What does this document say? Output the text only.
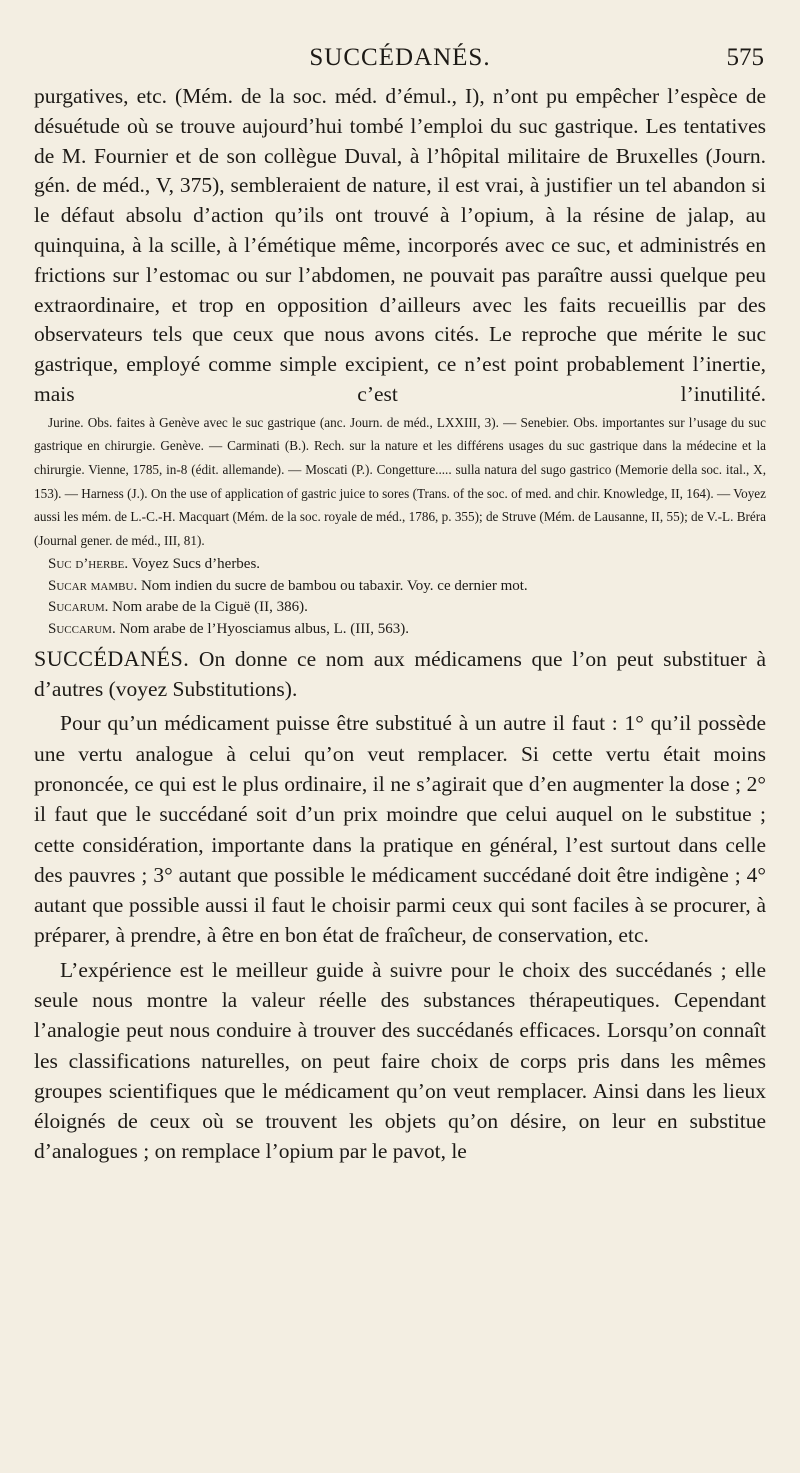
SUCCÉDANÉS.	575

purgatives, etc. (Mém. de la soc. méd. d’émul., I), n’ont pu empêcher l’espèce de désuétude où se trouve aujourd’hui tombé l’emploi du suc gastrique. Les tentatives de M. Fournier et de son collègue Duval, à l’hôpital militaire de Bruxelles (Journ. gén. de méd., V, 375), sembleraient de nature, il est vrai, à justifier un tel abandon si le défaut absolu d’action qu’ils ont trouvé à l’opium, à la résine de jalap, au quinquina, à la scille, à l’émétique même, incorporés avec ce suc, et administrés en frictions sur l’estomac ou sur l’abdomen, ne pouvait pas paraître aussi quelque peu extraordinaire, et trop en opposition d’ailleurs avec les faits recueillis par des observateurs tels que ceux que nous avons cités. Le reproche que mérite le suc gastrique, employé comme simple excipient, ce n’est point probablement l’inertie, mais c’est l’inutilité.

Jurine. Obs. faites à Genève avec le suc gastrique (anc. Journ. de méd., LXXIII, 3). — Senebier. Obs. importantes sur l’usage du suc gastrique en chirurgie. Genève. — Carminati (B.). Rech. sur la nature et les différens usages du suc gastrique dans la médecine et la chirurgie. Vienne, 1785, in-8 (édit. allemande). — Moscati (P.). Congetture..... sulla natura del sugo gastrico (Memorie della soc. ital., X, 153). — Harness (J.). On the use of application of gastric juice to sores (Trans. of the soc. of med. and chir. Knowledge, II, 164). — Voyez aussi les mém. de L.-C.-H. Macquart (Mém. de la soc. royale de méd., 1786, p. 355); de Struve (Mém. de Lausanne, II, 55); de V.-L. Bréra (Journal gener. de méd., III, 81).

Suc d’herbe. Voyez Sucs d’herbes.

Sucar mambu. Nom indien du sucre de bambou ou tabaxir. Voy. ce dernier mot.

Sucarum. Nom arabe de la Ciguë (II, 386).

Succarum. Nom arabe de l’Hyosciamus albus, L. (III, 563).

SUCCÉDANÉS. On donne ce nom aux médicamens que l’on peut substituer à d’autres (voyez Substitutions).

Pour qu’un médicament puisse être substitué à un autre il faut : 1° qu’il possède une vertu analogue à celui qu’on veut remplacer. Si cette vertu était moins prononcée, ce qui est le plus ordinaire, il ne s’agirait que d’en augmenter la dose ; 2° il faut que le succédané soit d’un prix moindre que celui auquel on le substitue ; cette considération, importante dans la pratique en général, l’est surtout dans celle des pauvres ; 3° autant que possible le médicament succédané doit être indigène ; 4° autant que possible aussi il faut le choisir parmi ceux qui sont faciles à se procurer, à préparer, à prendre, à être en bon état de fraîcheur, de conservation, etc.

L’expérience est le meilleur guide à suivre pour le choix des succédanés ; elle seule nous montre la valeur réelle des substances thérapeutiques. Cependant l’analogie peut nous conduire à trouver des succédanés efficaces. Lorsqu’on connaît les classifications naturelles, on peut faire choix de corps pris dans les mêmes groupes scientifiques que le médicament qu’on veut remplacer. Ainsi dans les lieux éloignés de ceux où se trouvent les objets qu’on désire, on leur en substitue d’analogues ; on remplace l’opium par le pavot, le
